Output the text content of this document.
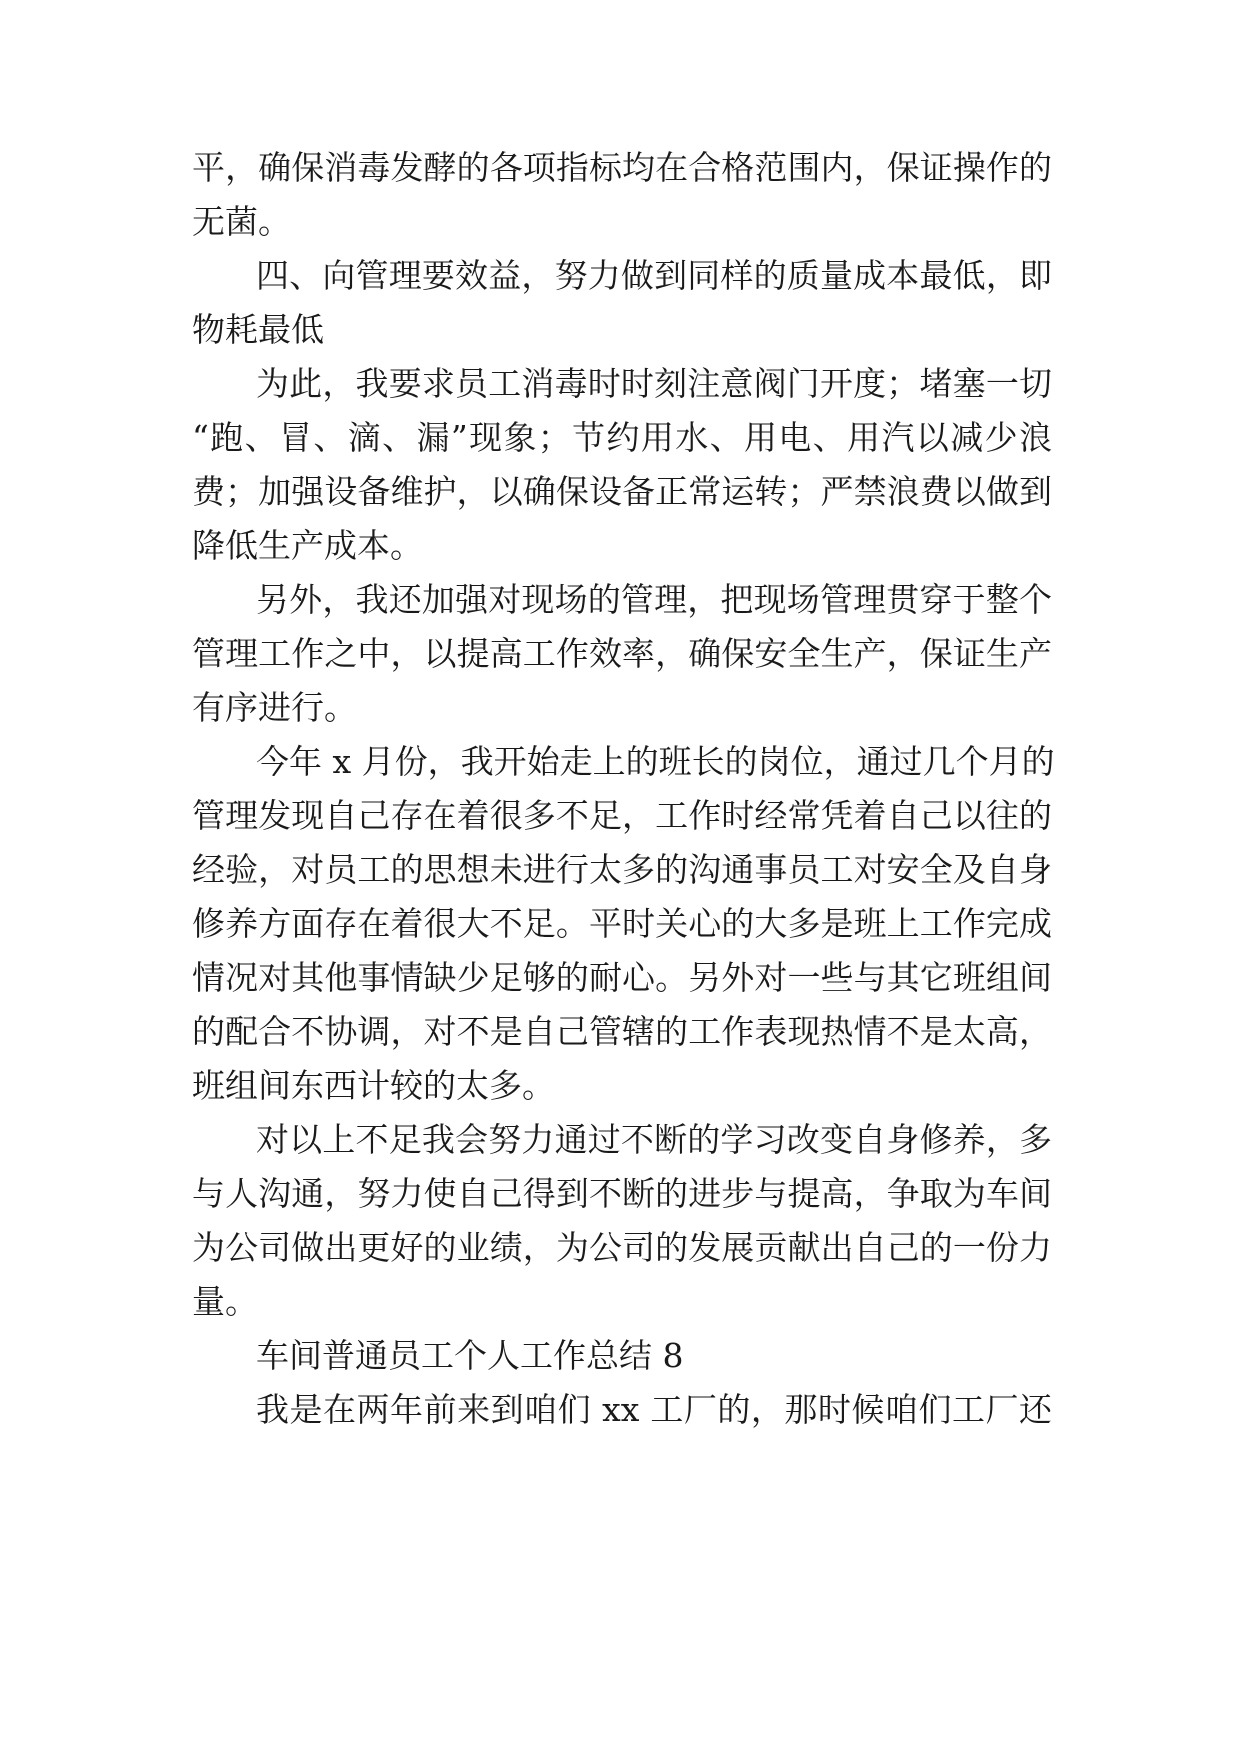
平，确保消毒发酵的各项指标均在合格范围内，保证操作的
无菌。
四、向管理要效益，努力做到同样的质量成本最低，即
物耗最低
为此，我要求员工消毒时时刻注意阀门开度；堵塞一切
“跑、冒、滴、漏”现象；节约用水、用电、用汽以减少浪
费；加强设备维护，以确保设备正常运转；严禁浪费以做到
降低生产成本。
另外，我还加强对现场的管理，把现场管理贯穿于整个
管理工作之中，以提高工作效率，确保安全生产，保证生产
有序进行。
今年 x 月份，我开始走上的班长的岗位，通过几个月的
管理发现自己存在着很多不足，工作时经常凭着自己以往的
经验，对员工的思想未进行太多的沟通事员工对安全及自身
修养方面存在着很大不足。平时关心的大多是班上工作完成
情况对其他事情缺少足够的耐心。另外对一些与其它班组间
的配合不协调，对不是自己管辖的工作表现热情不是太高，
班组间东西计较的太多。
对以上不足我会努力通过不断的学习改变自身修养，多
与人沟通，努力使自己得到不断的进步与提高，争取为车间
为公司做出更好的业绩，为公司的发展贡献出自己的一份力
量。
车间普通员工个人工作总结 8
我是在两年前来到咱们 xx 工厂的，那时候咱们工厂还
